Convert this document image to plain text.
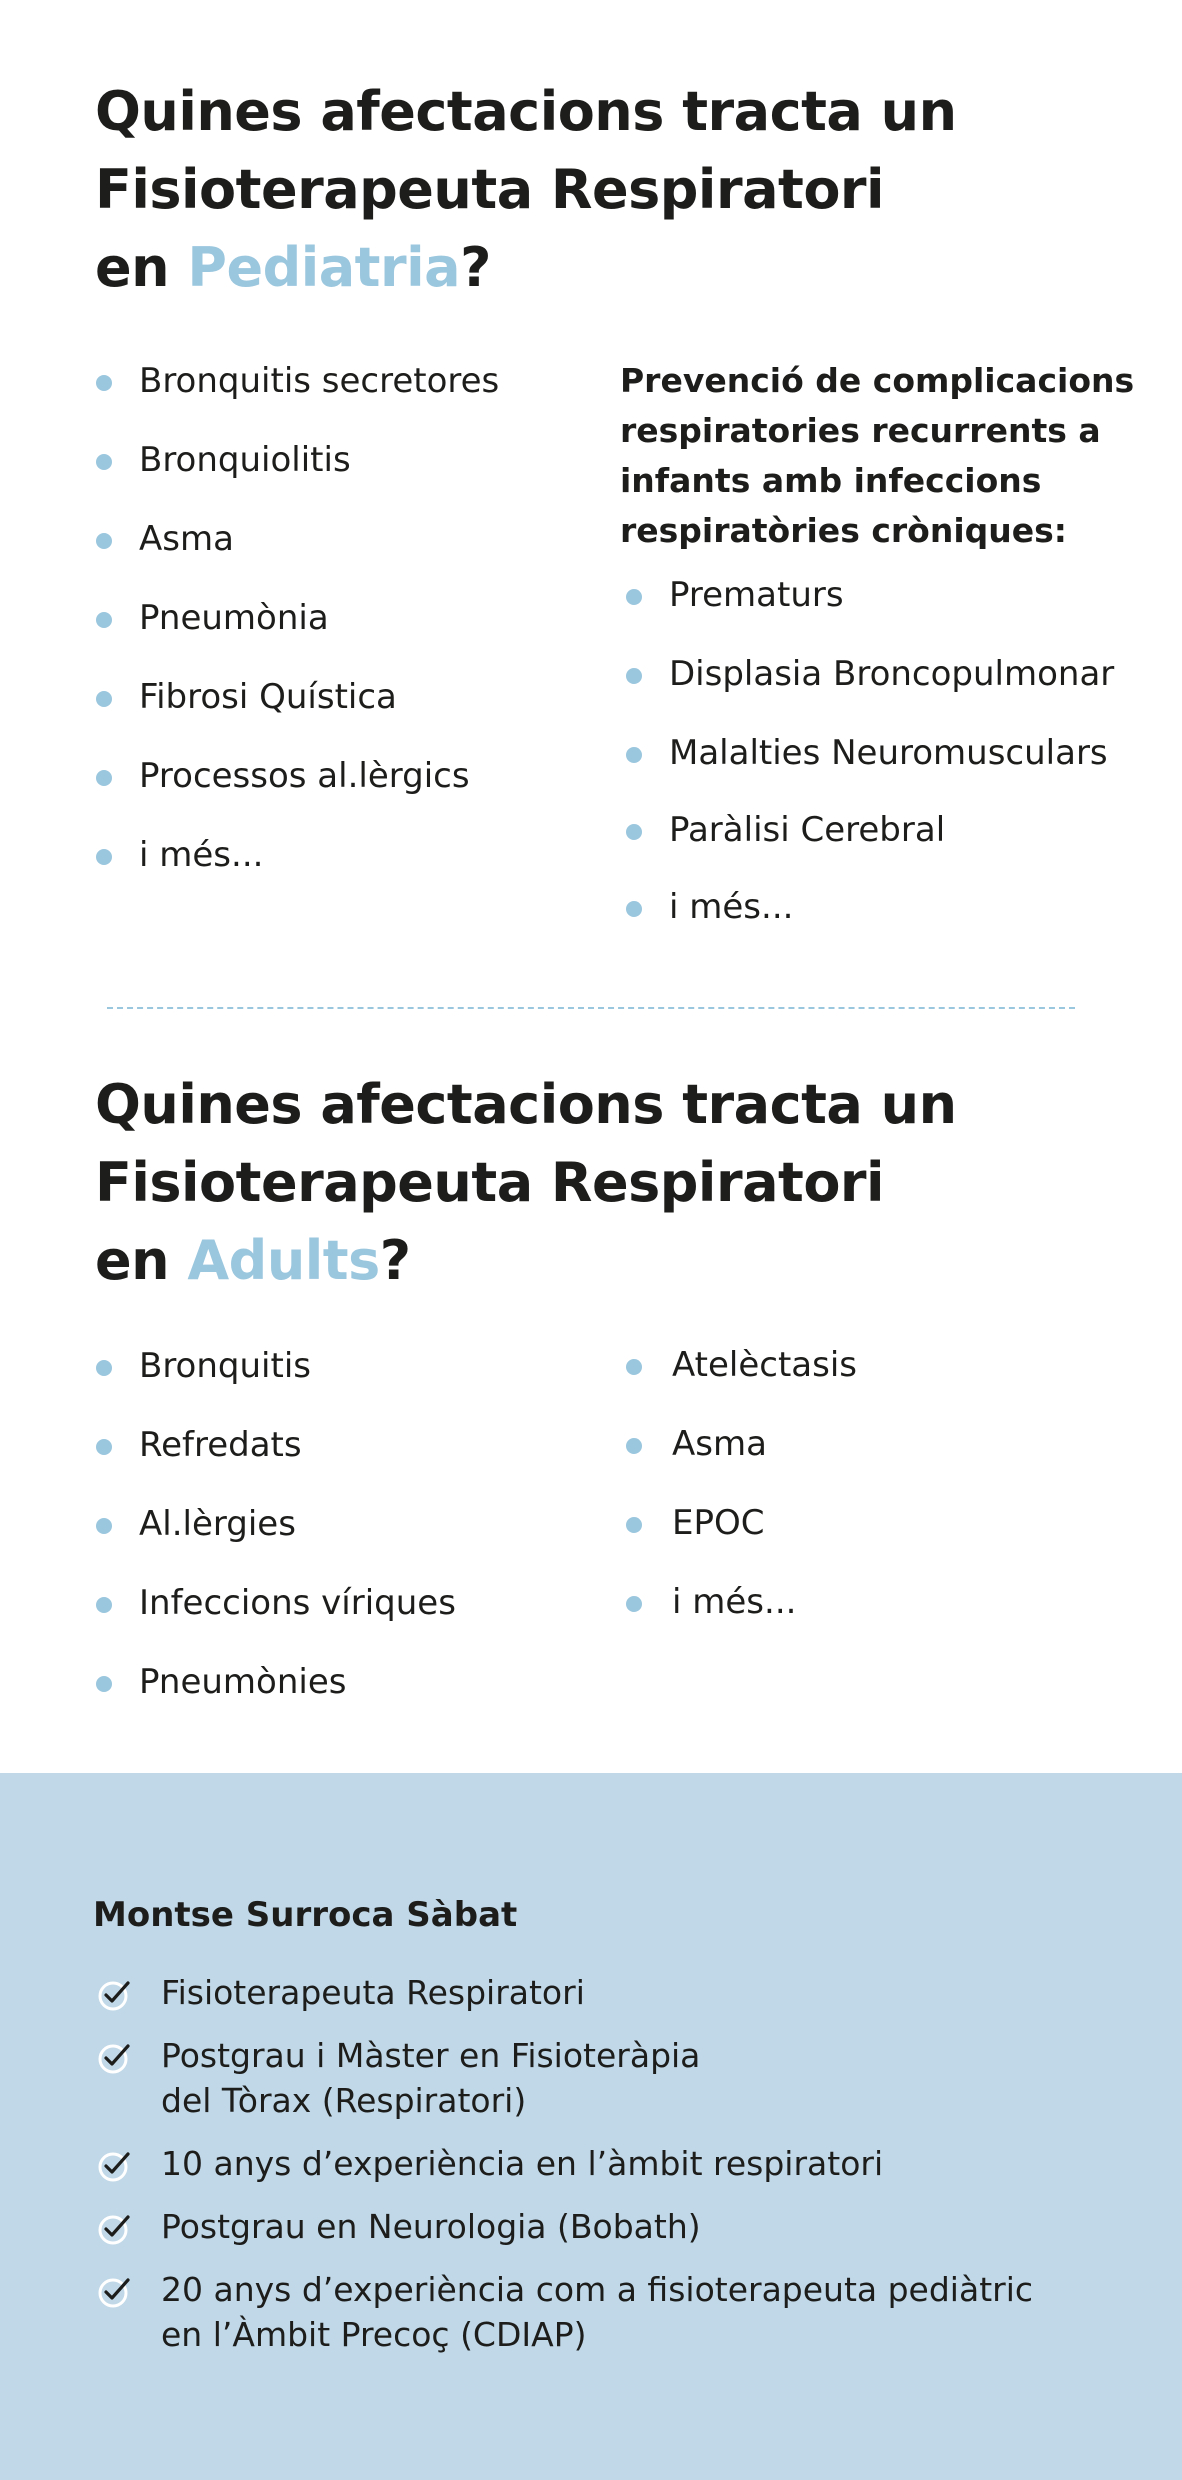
Quines afectacions tracta un
Fisioterapeuta Respiratori
en Pediatria?
Bronquitis secretores
Bronquiolitis
Asma
Pneumònia
Fibrosi Quística
Processos al.lèrgics
i més...
Prevenció de complicacions respiratories recurrents a infants amb infeccions respiratòries cròniques:
Prematurs
Displasia Broncopulmonar
Malalties Neuromusculars
Paràlisi Cerebral
i més...
Quines afectacions tracta un
Fisioterapeuta Respiratori
en Adults?
Bronquitis
Refredats
Al.lèrgies
Infeccions víriques
Pneumònies
Atelèctasis
Asma
EPOC
i més...
Montse Surroca Sàbat
Fisioterapeuta Respiratori
Postgrau i Màster en Fisioteràpia
del Tòrax (Respiratori)
10 anys d’experiència en l’àmbit respiratori
Postgrau en Neurologia (Bobath)
20 anys d’experiència com a fisioterapeuta pediàtric
en l’Àmbit Precoç (CDIAP)
